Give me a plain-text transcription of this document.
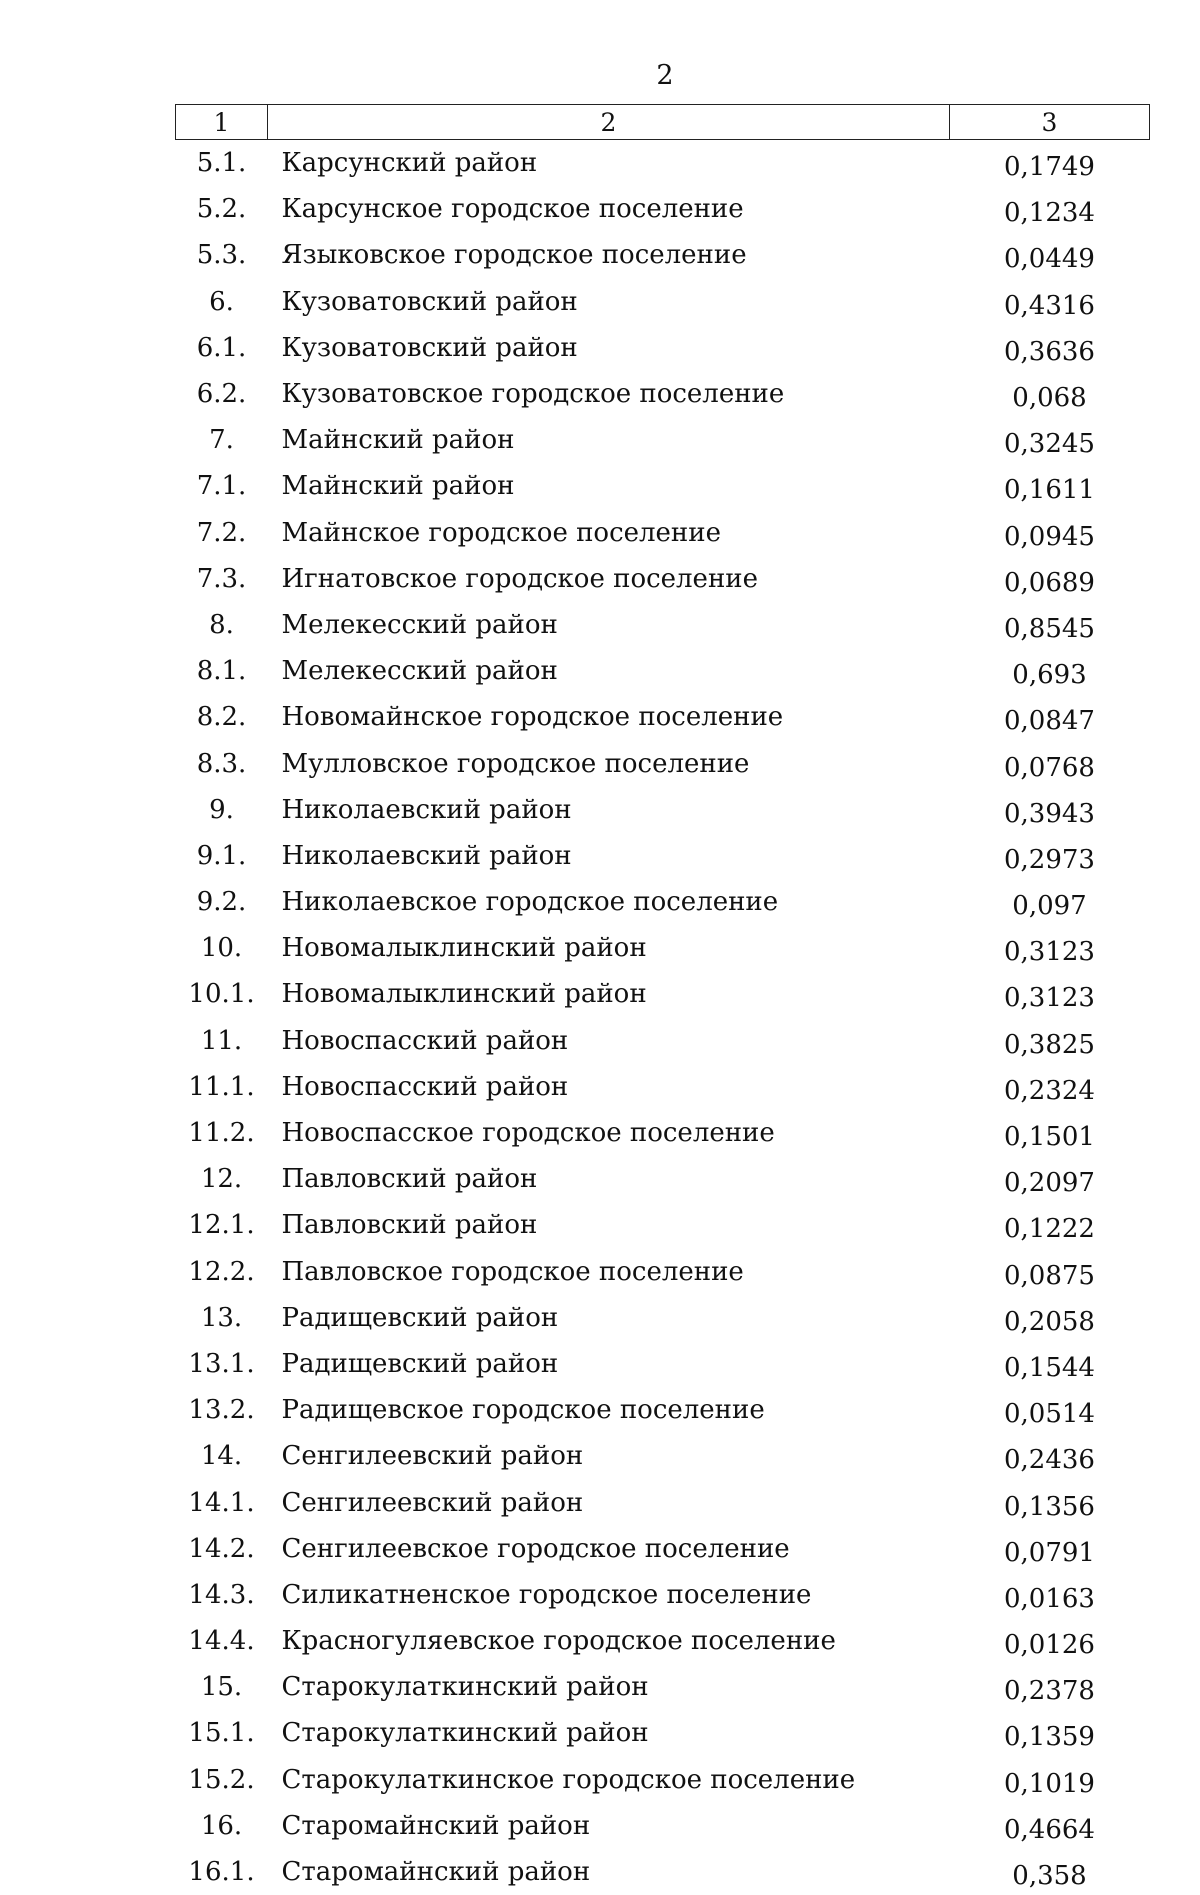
2
1	2	3
5.1.	Карсунский район	0,1749
5.2.	Карсунское городское поселение	0,1234
5.3.	Языковское городское поселение	0,0449
6.	Кузоватовский район	0,4316
6.1.	Кузоватовский район	0,3636
6.2.	Кузоватовское городское поселение	0,068
7.	Майнский район	0,3245
7.1.	Майнский район	0,1611
7.2.	Майнское городское поселение	0,0945
7.3.	Игнатовское городское поселение	0,0689
8.	Мелекесский район	0,8545
8.1.	Мелекесский район	0,693
8.2.	Новомайнское городское поселение	0,0847
8.3.	Мулловское городское поселение	0,0768
9.	Николаевский район	0,3943
9.1.	Николаевский район	0,2973
9.2.	Николаевское городское поселение	0,097
10.	Новомалыклинский район	0,3123
10.1.	Новомалыклинский район	0,3123
11.	Новоспасский район	0,3825
11.1.	Новоспасский район	0,2324
11.2.	Новоспасское городское поселение	0,1501
12.	Павловский район	0,2097
12.1.	Павловский район	0,1222
12.2.	Павловское городское поселение	0,0875
13.	Радищевский район	0,2058
13.1.	Радищевский район	0,1544
13.2.	Радищевское городское поселение	0,0514
14.	Сенгилеевский район	0,2436
14.1.	Сенгилеевский район	0,1356
14.2.	Сенгилеевское городское поселение	0,0791
14.3.	Силикатненское городское поселение	0,0163
14.4.	Красногуляевское городское поселение	0,0126
15.	Старокулаткинский район	0,2378
15.1.	Старокулаткинский район	0,1359
15.2.	Старокулаткинское городское поселение	0,1019
16.	Старомайнский район	0,4664
16.1.	Старомайнский район	0,358
